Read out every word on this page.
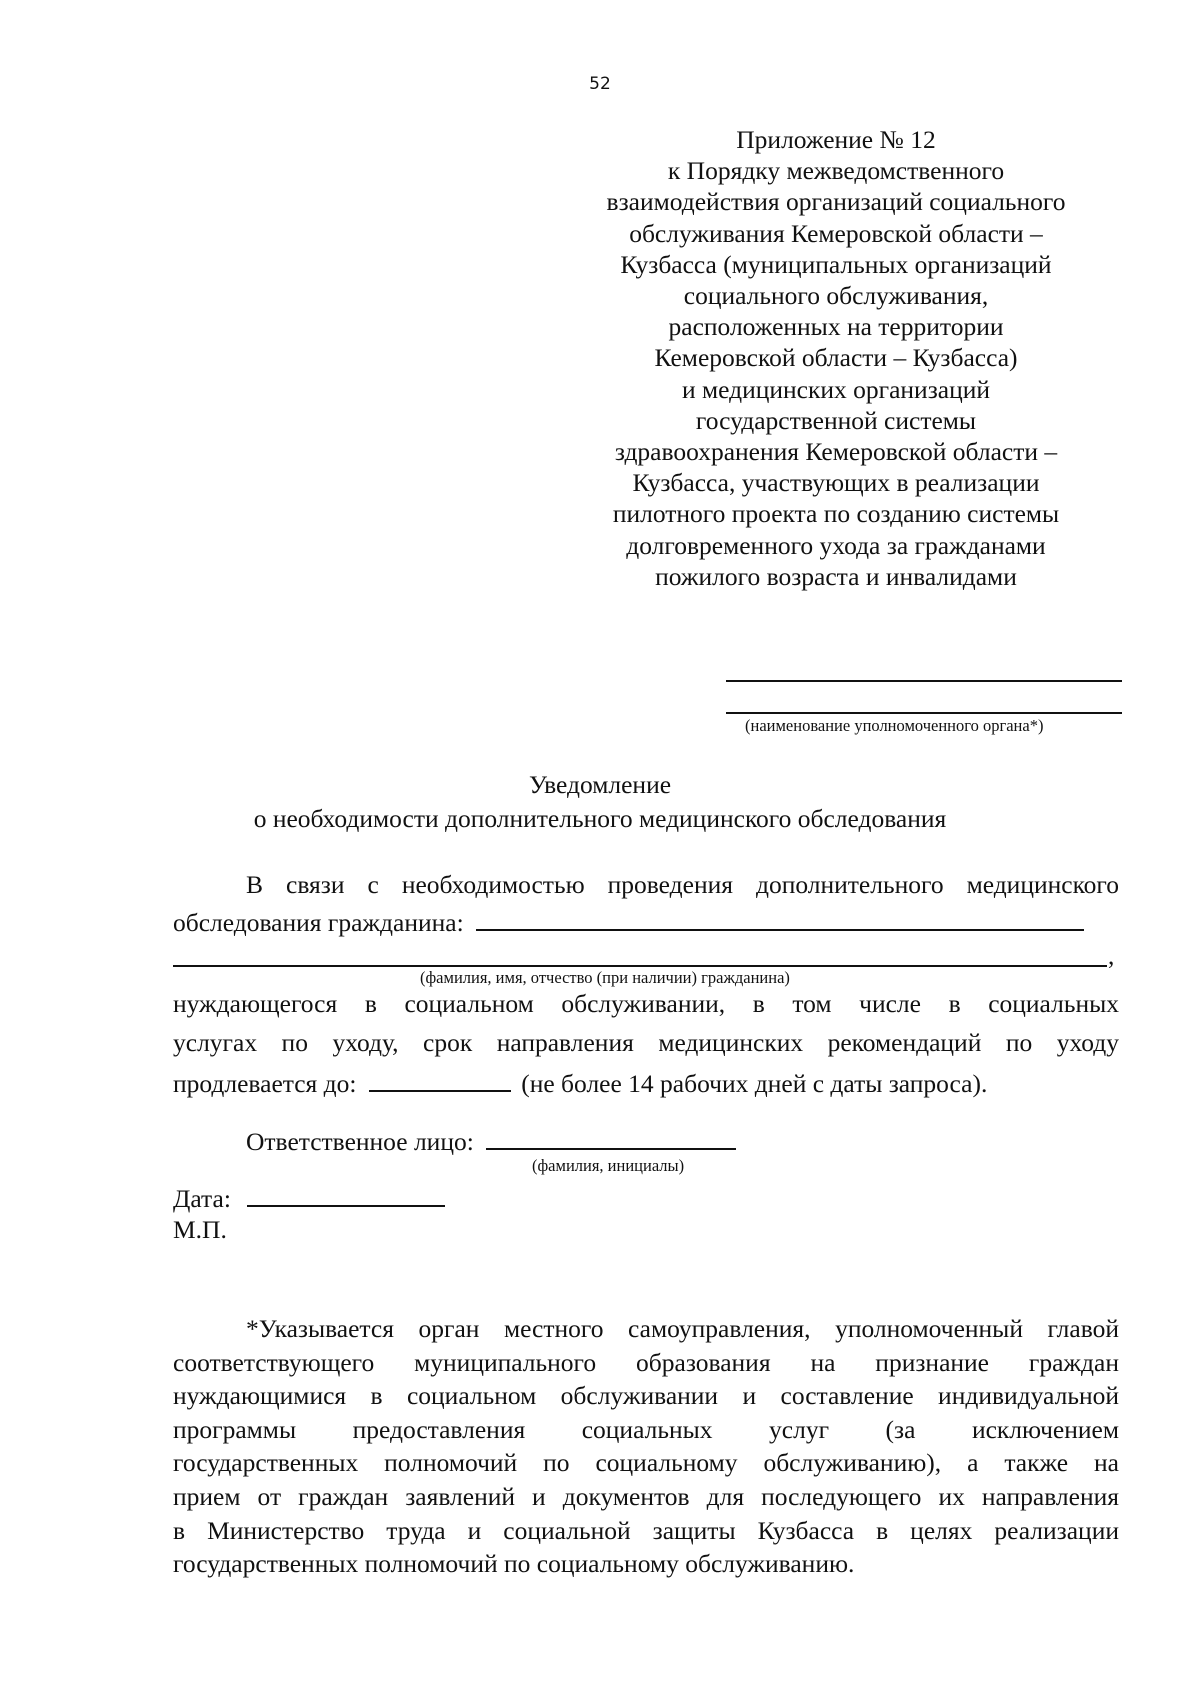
52
Приложение № 12
к Порядку межведомственного
взаимодействия организаций социального
обслуживания Кемеровской области –
Кузбасса (муниципальных организаций
социального обслуживания,
расположенных на территории
Кемеровской области – Кузбасса)
и медицинских организаций
государственной системы
здравоохранения Кемеровской области –
Кузбасса, участвующих в реализации
пилотного проекта по созданию системы
долговременного ухода за гражданами
пожилого возраста и инвалидами
(наименование уполномоченного органа*)
Уведомление
о необходимости дополнительного медицинского обследования
В связи с необходимостью проведения дополнительного медицинского
обследования гражданина:
,
(фамилия, имя, отчество (при наличии) гражданина)
нуждающегося в социальном обслуживании, в том числе в социальных
услугах по уходу, срок направления медицинских рекомендаций по уходу
продлевается до:	(не более 14 рабочих дней с даты запроса).
Ответственное лицо:
(фамилия, инициалы)
Дата:
М.П.
*Указывается орган местного самоуправления, уполномоченный главой
соответствующего муниципального образования на признание граждан
нуждающимися в социальном обслуживании и составление индивидуальной
программы предоставления социальных услуг (за исключением
государственных полномочий по социальному обслуживанию), а также на
прием от граждан заявлений и документов для последующего их направления
в Министерство труда и социальной защиты Кузбасса в целях реализации
государственных полномочий по социальному обслуживанию.
